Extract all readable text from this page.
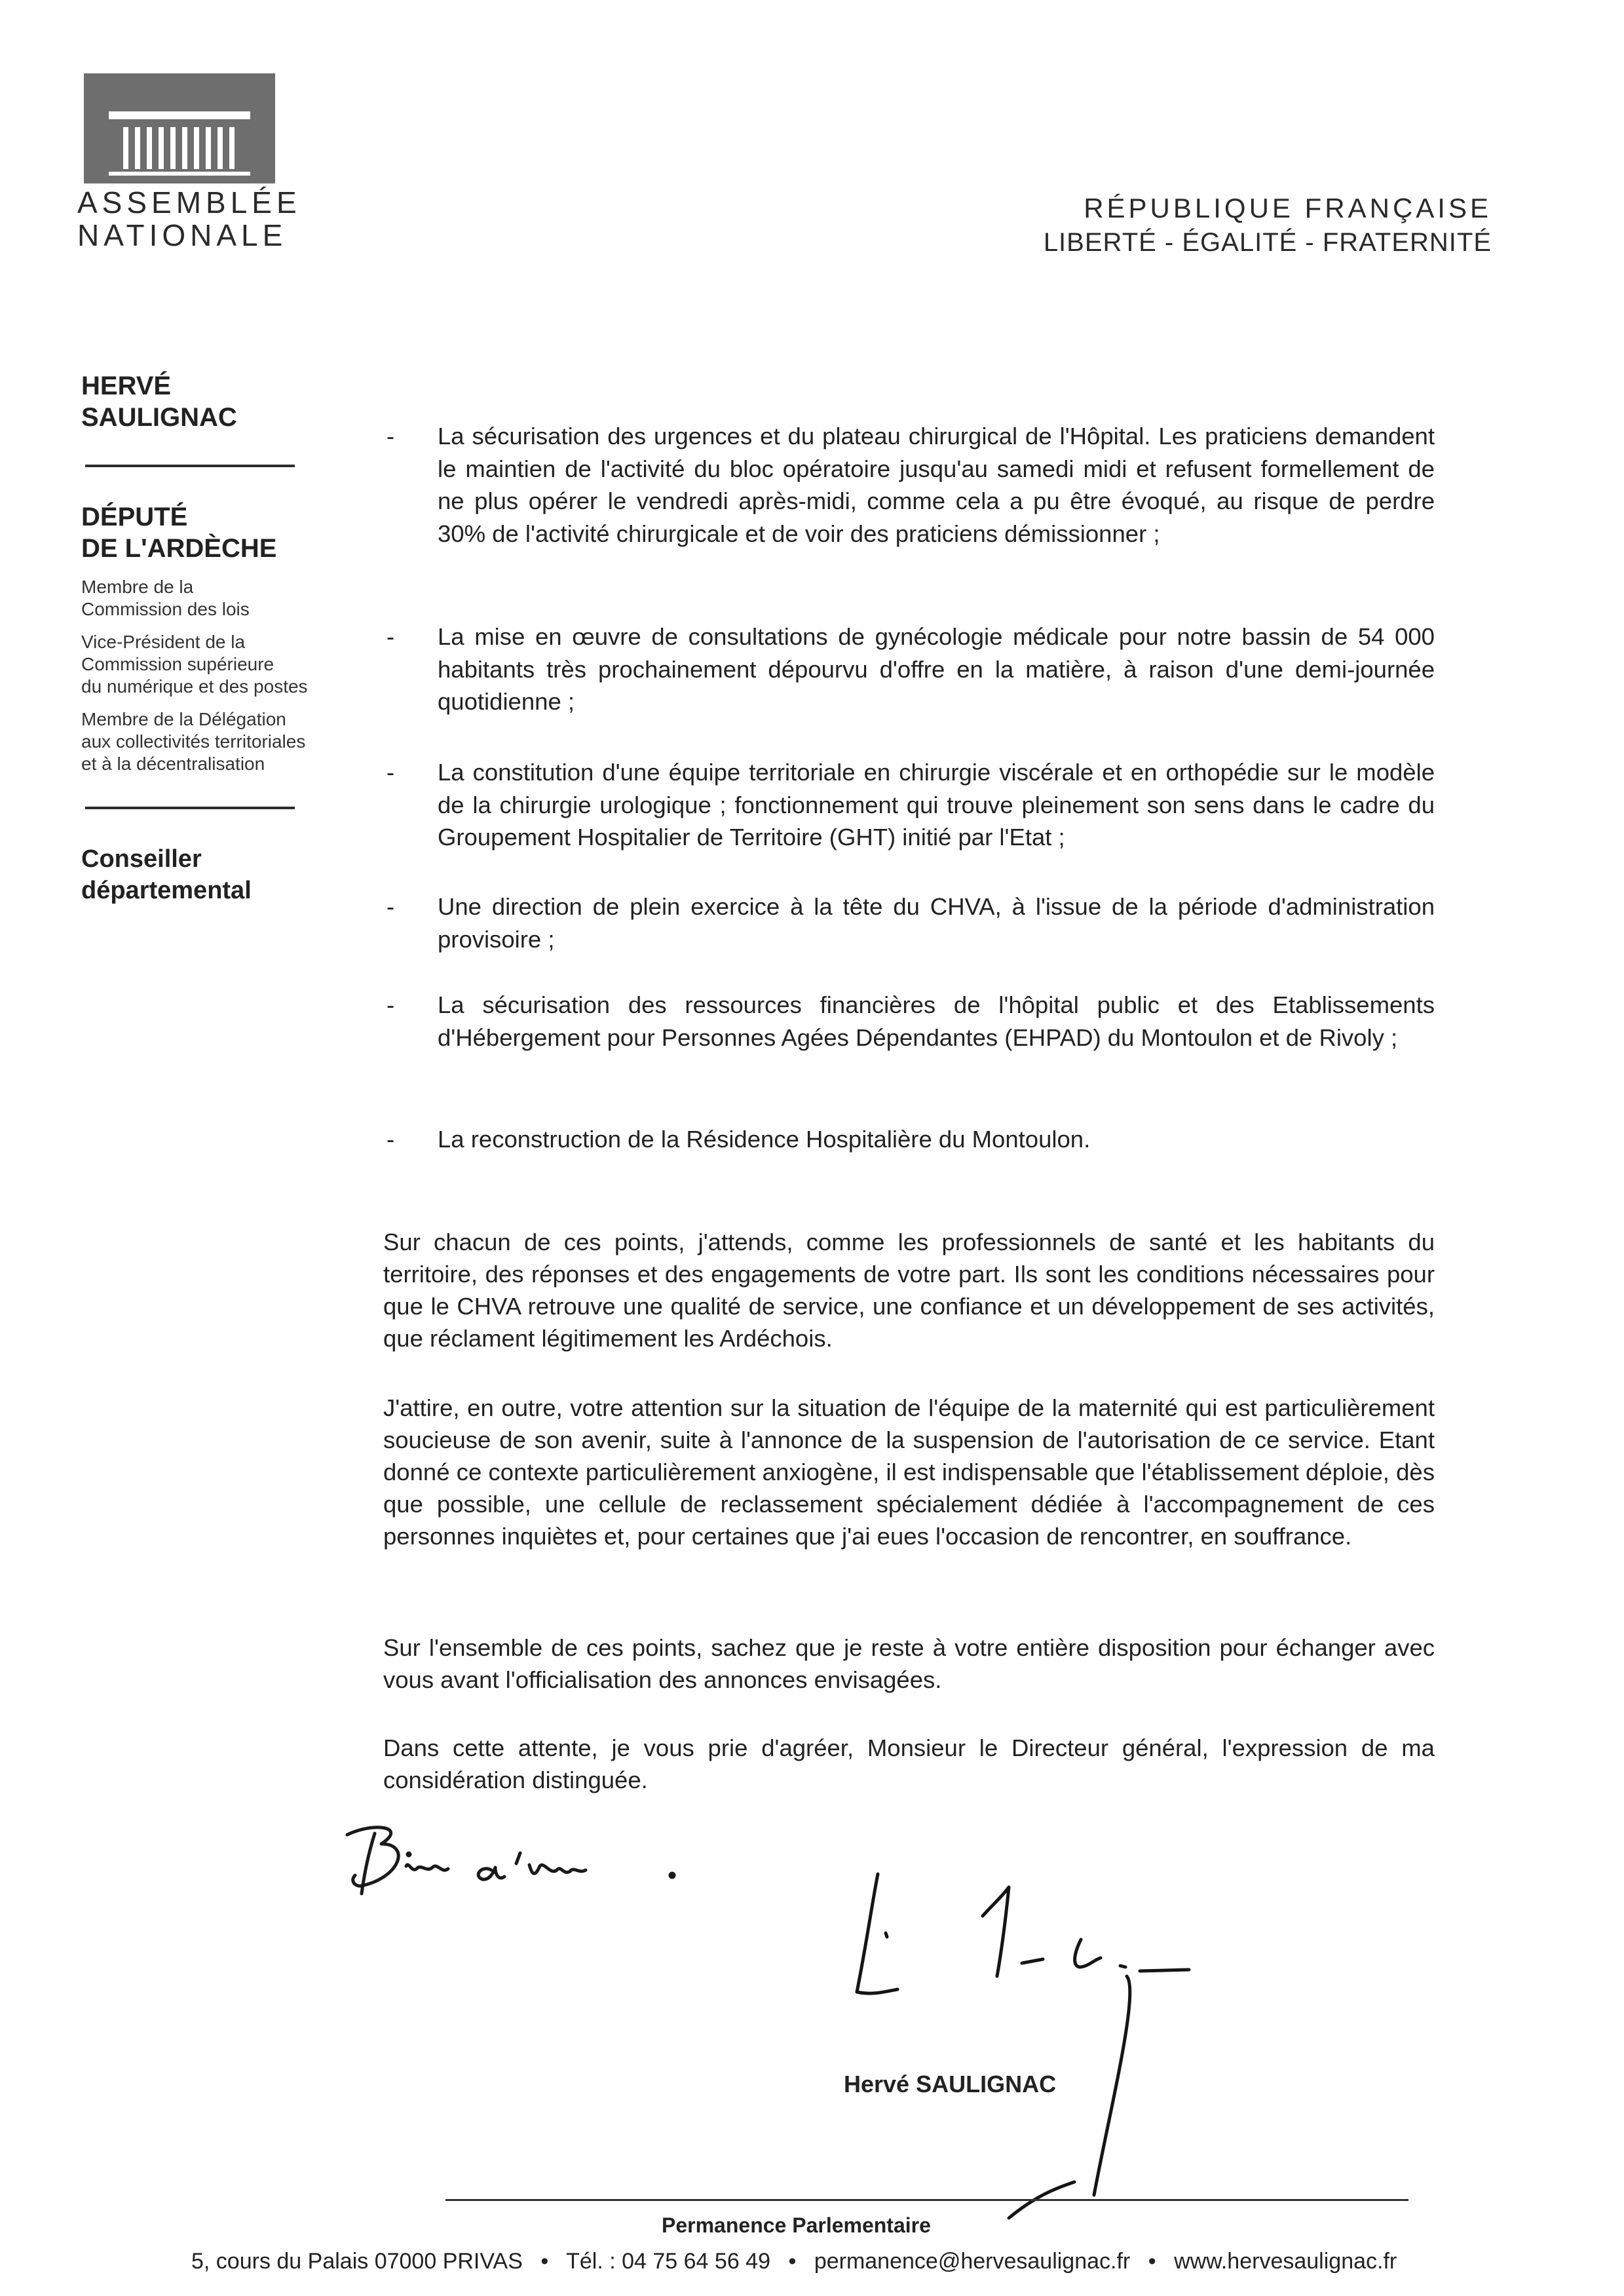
ASSEMBLÉE
NATIONALE
RÉPUBLIQUE FRANÇAISE
LIBERTÉ - ÉGALITÉ - FRATERNITÉ

HERVÉ

SAULIGNAC

DÉPUTÉ

DE L'ARDÈCHE

Membre de la

Commission des lois

Vice-Président de la

Commission supérieure

du numérique et des postes

Membre de la Délégation

aux collectivités territoriales

et à la décentralisation

Conseiller

départemental

- La sécurisation des urgences et du plateau chirurgical de l'Hôpital. Les praticiens demandent le maintien de l'activité du bloc opératoire jusqu'au samedi midi et refusent formellement de ne plus opérer le vendredi après-midi, comme cela a pu être évoqué, au risque de perdre 30% de l'activité chirurgicale et de voir des praticiens démissionner ;
- La mise en œuvre de consultations de gynécologie médicale pour notre bassin de 54 000 habitants très prochainement dépourvu d'offre en la matière, à raison d'une demi-journée quotidienne ;
- La constitution d'une équipe territoriale en chirurgie viscérale et en orthopédie sur le modèle de la chirurgie urologique ; fonctionnement qui trouve pleinement son sens dans le cadre du Groupement Hospitalier de Territoire (GHT) initié par l'Etat ;
- Une direction de plein exercice à la tête du CHVA, à l'issue de la période d'administration provisoire ;
- La sécurisation des ressources financières de l'hôpital public et des Etablissements d'Hébergement pour Personnes Agées Dépendantes (EHPAD) du Montoulon et de Rivoly ;
- La reconstruction de la Résidence Hospitalière du Montoulon.

Sur chacun de ces points, j'attends, comme les professionnels de santé et les habitants du territoire, des réponses et des engagements de votre part. Ils sont les conditions nécessaires pour que le CHVA retrouve une qualité de service, une confiance et un développement de ses activités, que réclament légitimement les Ardéchois.

J'attire, en outre, votre attention sur la situation de l'équipe de la maternité qui est particulièrement soucieuse de son avenir, suite à l'annonce de la suspension de l'autorisation de ce service. Etant donné ce contexte particulièrement anxiogène, il est indispensable que l'établissement déploie, dès que possible, une cellule de reclassement spécialement dédiée à l'accompagnement de ces personnes inquiètes et, pour certaines que j'ai eues l'occasion de rencontrer, en souffrance.

Sur l'ensemble de ces points, sachez que je reste à votre entière disposition pour échanger avec vous avant l'officialisation des annonces envisagées.

Dans cette attente, je vous prie d'agréer, Monsieur le Directeur général, l'expression de ma considération distinguée.

Hervé SAULIGNAC
Permanence Parlementaire
5, cours du Palais 07000 PRIVAS • Tél. : 04 75 64 56 49 • permanence@hervesaulignac.fr • www.hervesaulignac.fr
